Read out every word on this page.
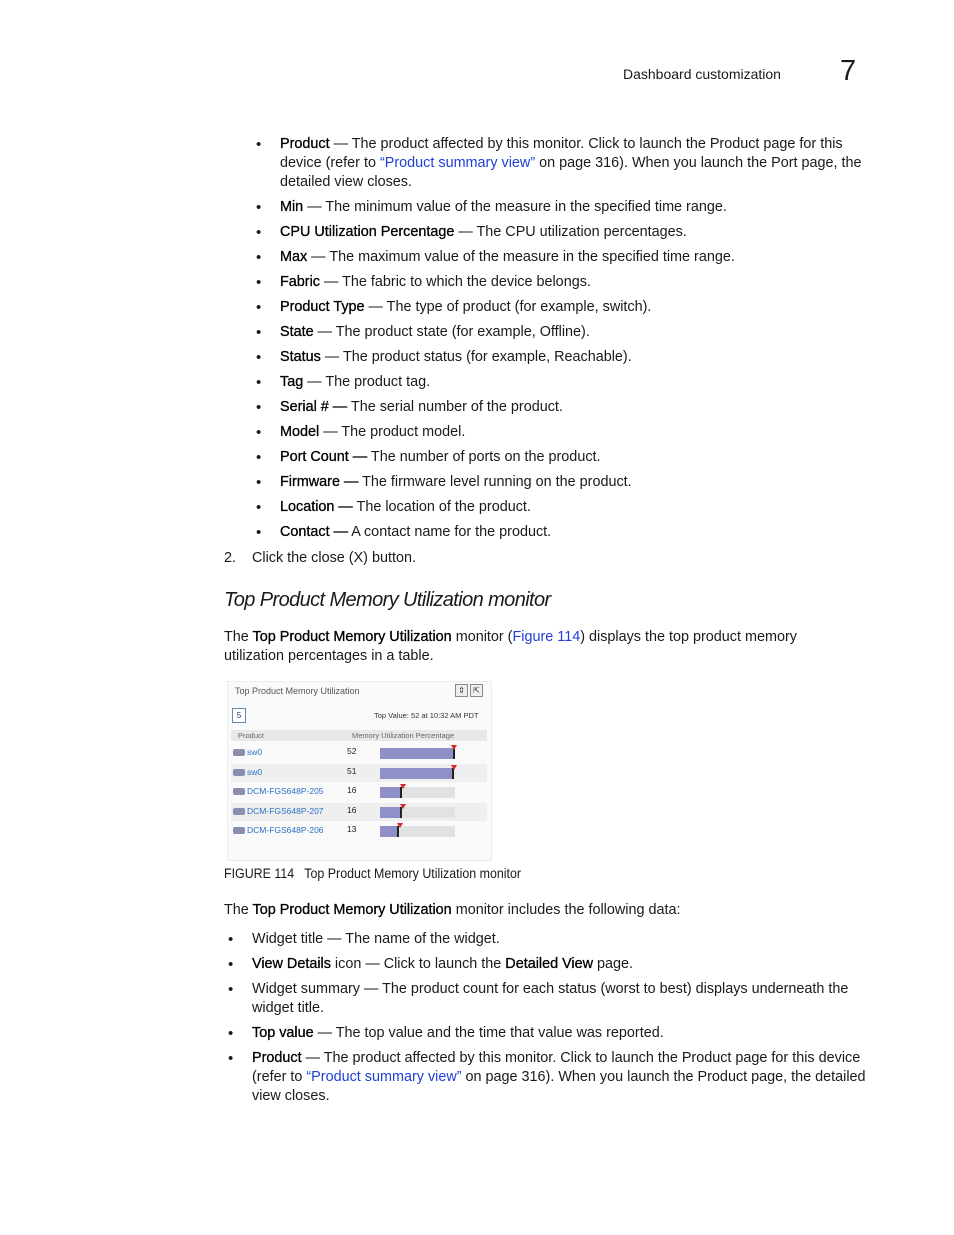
Dashboard customization 7
• Product — The product affected by this monitor. Click to launch the Product page for this device (refer to “Product summary view” on page 316). When you launch the Port page, the detailed view closes.
• Min — The minimum value of the measure in the specified time range.
• CPU Utilization Percentage — The CPU utilization percentages.
• Max — The maximum value of the measure in the specified time range.
• Fabric — The fabric to which the device belongs.
• Product Type — The type of product (for example, switch).
• State — The product state (for example, Offline).
• Status — The product status (for example, Reachable).
• Tag — The product tag.
• Serial # — The serial number of the product.
• Model — The product model.
• Port Count — The number of ports on the product.
• Firmware — The firmware level running on the product.
• Location — The location of the product.
• Contact — A contact name for the product.
2. Click the close (X) button.
Top Product Memory Utilization monitor
The Top Product Memory Utilization monitor (Figure 114) displays the top product memory utilization percentages in a table.
Top Product Memory Utilization	⇕	⇱
5	Top Value: 52 at 10:32 AM PDT
Product	Memory Utilization Percentage
sw0	52
sw0	51
DCM-FGS648P-205	16
DCM-FGS648P-207	16
DCM-FGS648P-206	13
FIGURE 114 Top Product Memory Utilization monitor
The Top Product Memory Utilization monitor includes the following data:
• Widget title — The name of the widget.
• View Details icon — Click to launch the Detailed View page.
• Widget summary — The product count for each status (worst to best) displays underneath the widget title.
• Top value — The top value and the time that value was reported.
• Product — The product affected by this monitor. Click to launch the Product page for this device (refer to “Product summary view” on page 316). When you launch the Product page, the detailed view closes.
